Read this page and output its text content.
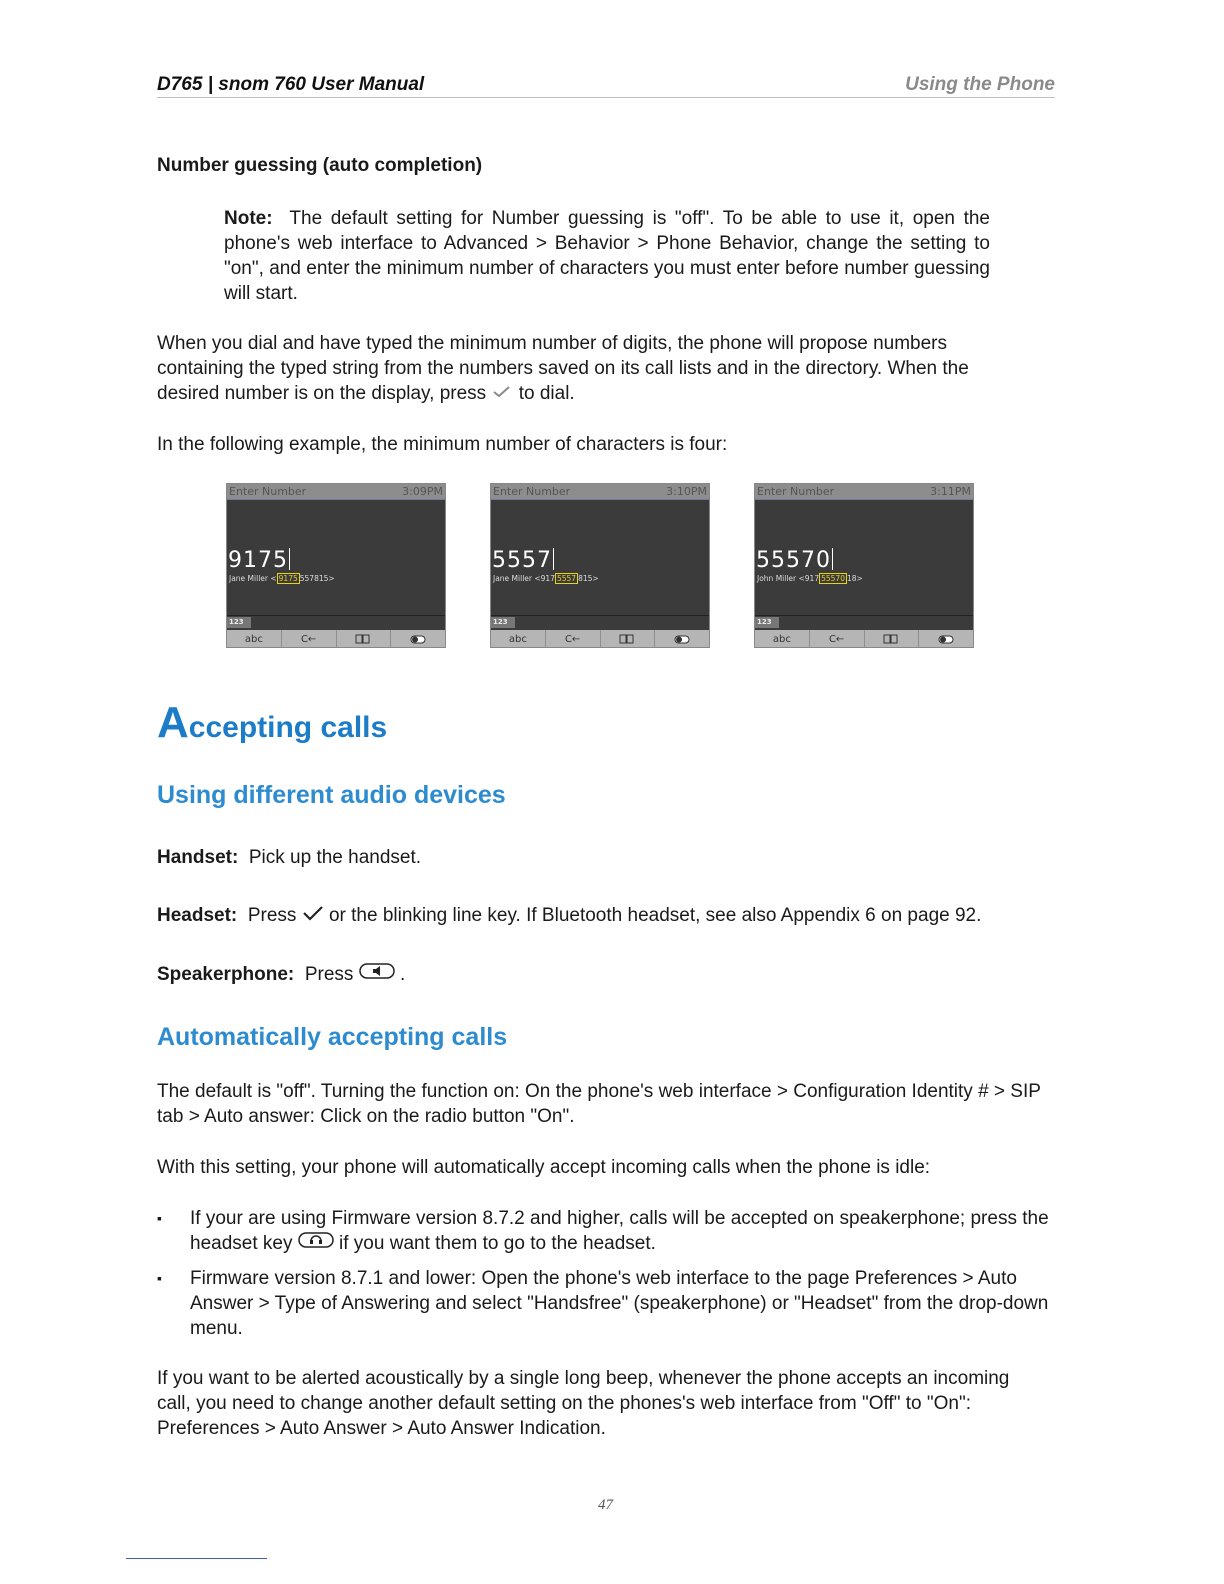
D765 | snom 760 User Manual	Using the Phone
Number guessing (auto completion)
Note: The default setting for Number guessing is "off". To be able to use it, open the phone's web interface to Advanced > Behavior > Phone Behavior, change the setting to "on", and enter the minimum number of characters you must enter before number guessing will start.
When you dial and have typed the minimum number of digits, the phone will propose numbers containing the typed string from the numbers saved on its call lists and in the directory. When the desired number is on the display, press to dial.
In the following example, the minimum number of characters is four:
Enter Number	3:09PM
9175
Jane Miller < 9175 557815>
123
abc	C←
Enter Number	3:10PM
5557
Jane Miller <917 5557 815>
123
abc	C←
Enter Number	3:11PM
55570
John Miller <917 55570 18>
123
abc	C←
Accepting calls
Using different audio devices
Handset: Pick up the handset.
Headset: Press or the blinking line key. If Bluetooth headset, see also Appendix 6 on page 92.
Speakerphone: Press .
Automatically accepting calls
The default is "off". Turning the function on: On the phone's web interface > Configuration Identity # > SIP tab > Auto answer: Click on the radio button "On".
With this setting, your phone will automatically accept incoming calls when the phone is idle:
▪ If your are using Firmware version 8.7.2 and higher, calls will be accepted on speakerphone; press the headset key if you want them to go to the headset.
▪ Firmware version 8.7.1 and lower: Open the phone's web interface to the page Preferences > Auto Answer > Type of Answering and select "Handsfree" (speakerphone) or "Headset" from the drop-down menu.
If you want to be alerted acoustically by a single long beep, whenever the phone accepts an incoming call, you need to change another default setting on the phones's web interface from "Off" to "On": Preferences > Auto Answer > Auto Answer Indication.
47
